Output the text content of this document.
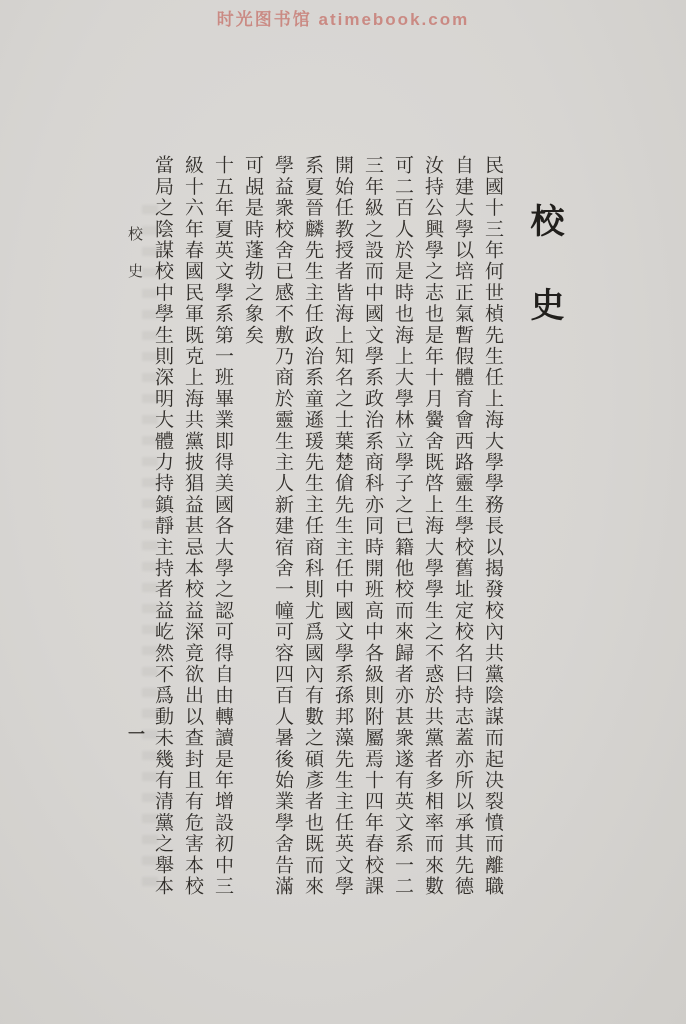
时光图书馆 atimebook.com
校史
民國十三年何世楨先生任上海大學學務長以揭發校內共黨陰謀而起决裂憤而離職
自建大學以培正氣暫假體育會西路靈生學校舊址定校名曰持志蓋亦所以承其先德
汝持公興學之志也是年十月黌舍既啓上海大學學生之不惑於共黨者多相率而來數
可二百人於是時也海上大學林立學子之已籍他校而來歸者亦甚衆遂有英文系一二
三年級之設而中國文學系政治系商科亦同時開班高中各級則附屬焉十四年春校課
開始任教授者皆海上知名之士葉楚傖先生主任中國文學系孫邦藻先生主任英文學
系夏晉麟先生主任政治系童遜瑗先生主任商科則尤爲國內有數之碩彥者也既而來
學益衆校舍已感不敷乃商於靈生主人新建宿舍一幢可容四百人暑後始業學舍告滿
可覘是時蓬勃之象矣
十五年夏英文學系第一班畢業即得美國各大學之認可得自由轉讀是年增設初中三
級十六年春國民軍既克上海共黨披猖益甚忌本校益深竟欲出以查封且有危害本校
當局之陰謀校中學生則深明大體力持鎮靜主持者益屹然不爲動未幾有清黨之舉本
校史
一
